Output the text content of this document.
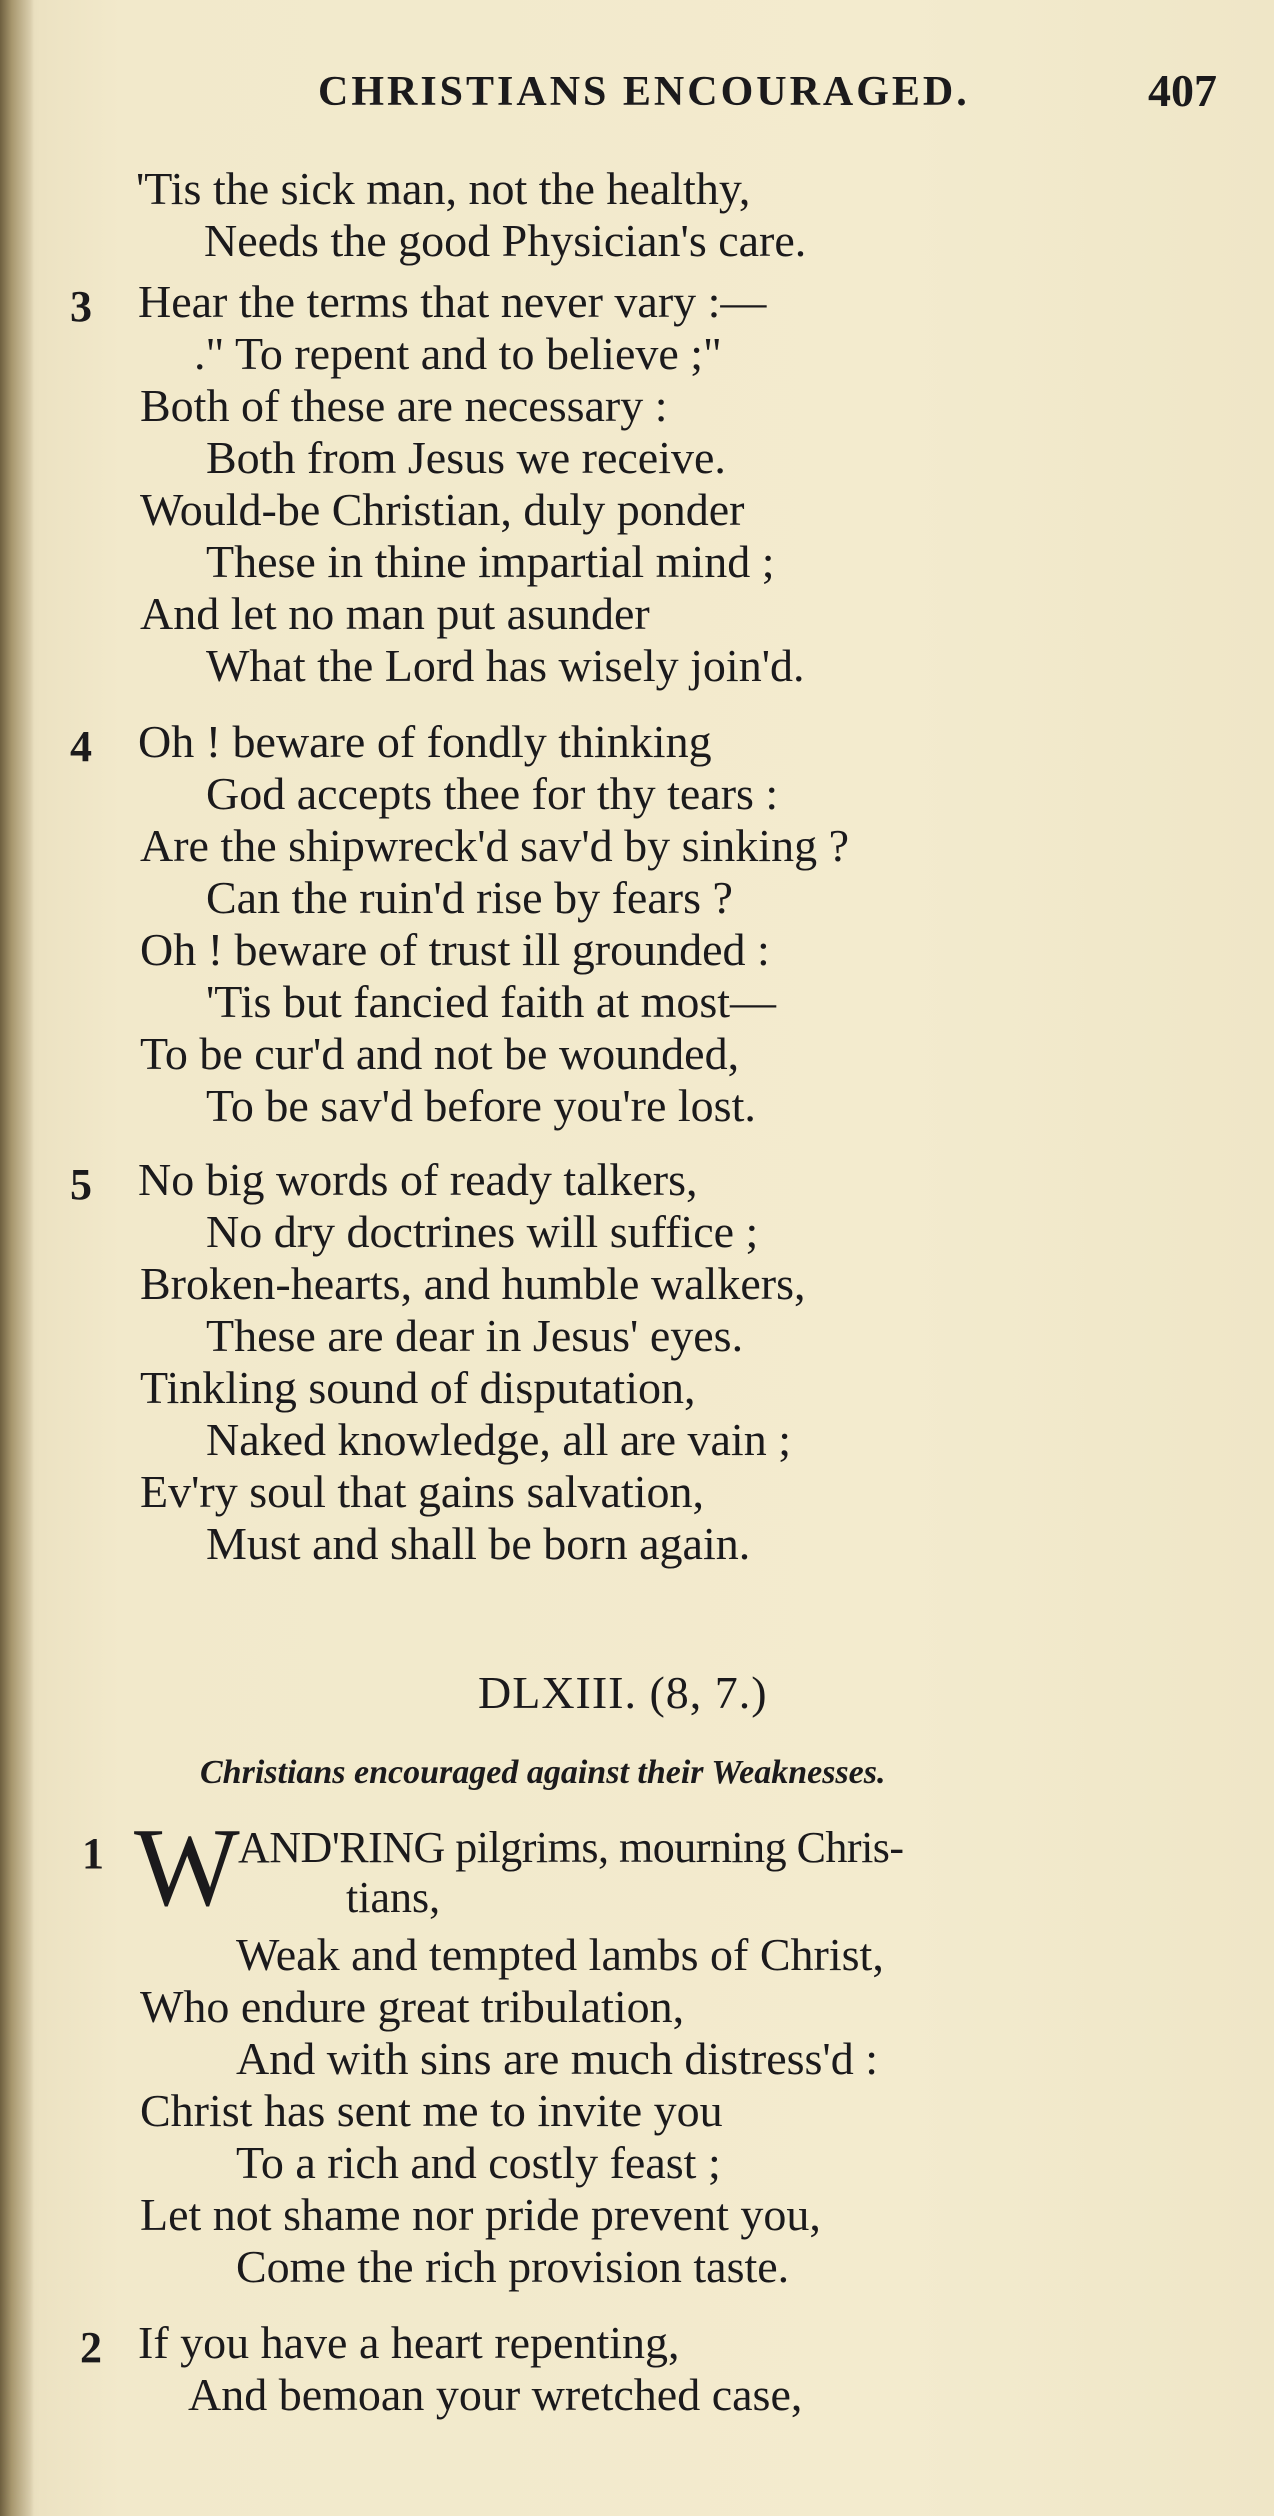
CHRISTIANS ENCOURAGED.	407
'Tis the sick man, not the healthy,
Needs the good Physician's care.
3 Hear the terms that never vary :—
." To repent and to believe ;"
Both of these are necessary :
Both from Jesus we receive.
Would-be Christian, duly ponder
These in thine impartial mind ;
And let no man put asunder
What the Lord has wisely join'd.
4 Oh ! beware of fondly thinking
God accepts thee for thy tears :
Are the shipwreck'd sav'd by sinking ?
Can the ruin'd rise by fears ?
Oh ! beware of trust ill grounded :
'Tis but fancied faith at most—
To be cur'd and not be wounded,
To be sav'd before you're lost.
5 No big words of ready talkers,
No dry doctrines will suffice ;
Broken-hearts, and humble walkers,
These are dear in Jesus' eyes.
Tinkling sound of disputation,
Naked knowledge, all are vain ;
Ev'ry soul that gains salvation,
Must and shall be born again.
DLXIII. (8, 7.)
Christians encouraged against their Weaknesses.
1 W
AND'RING pilgrims, mourning Chris-
tians,
Weak and tempted lambs of Christ,
Who endure great tribulation,
And with sins are much distress'd :
Christ has sent me to invite you
To a rich and costly feast ;
Let not shame nor pride prevent you,
Come the rich provision taste.
2 If you have a heart repenting,
And bemoan your wretched case,
